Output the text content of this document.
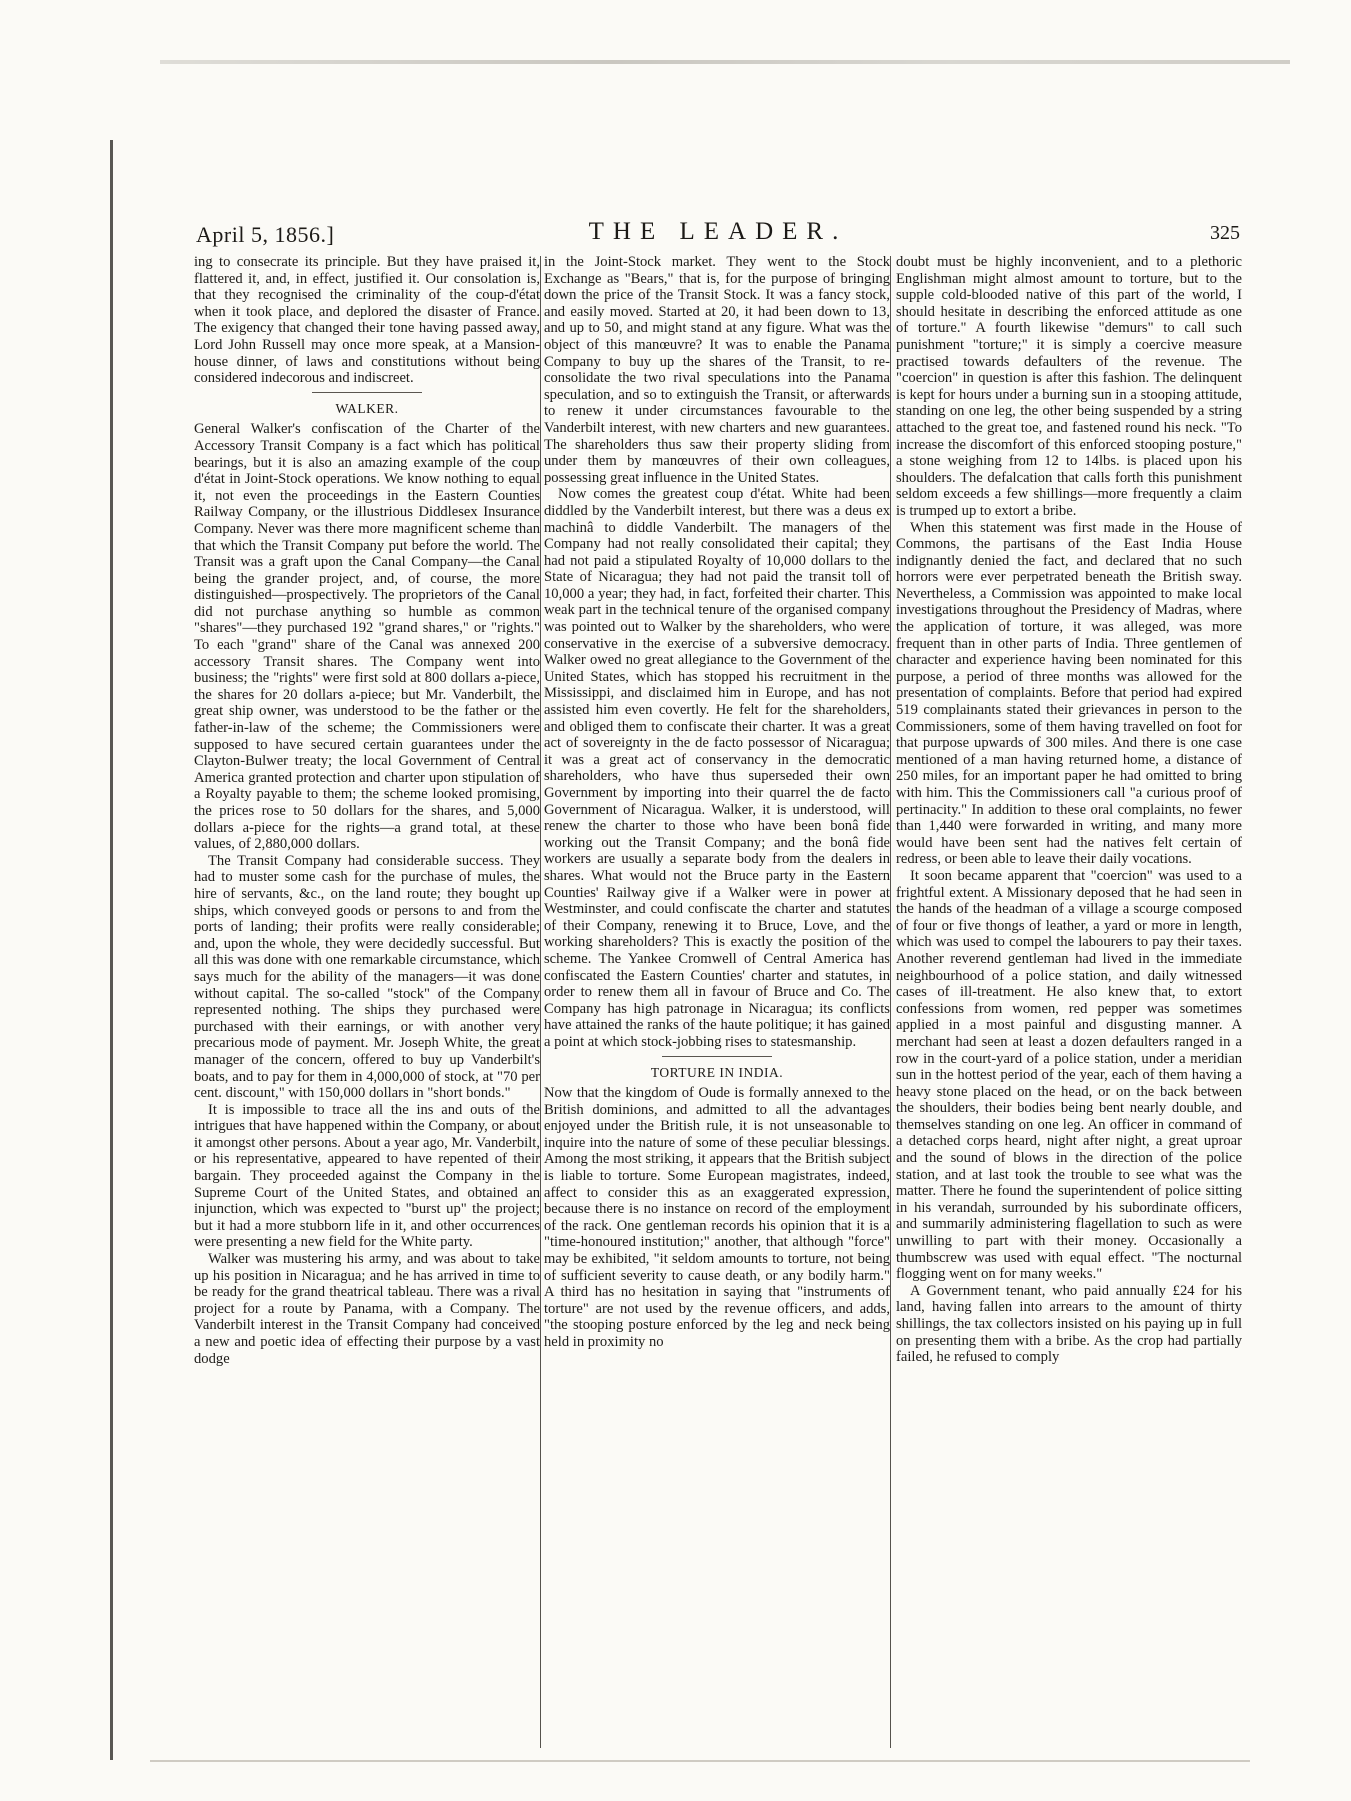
April 5, 1856.]	THE LEADER.	325

ing to consecrate its principle. But they have praised it, flattered it, and, in effect, justified it. Our consolation is, that they recognised the criminality of the coup-d'état when it took place, and deplored the disaster of France. The exigency that changed their tone having passed away, Lord John Russell may once more speak, at a Mansion-house dinner, of laws and constitutions without being considered indecorous and indiscreet.

WALKER.

General Walker's confiscation of the Charter of the Accessory Transit Company is a fact which has political bearings, but it is also an amazing example of the coup d'état in Joint-Stock operations. We know nothing to equal it, not even the proceedings in the Eastern Counties Railway Company, or the illustrious Diddlesex Insurance Company. Never was there more magnificent scheme than that which the Transit Company put before the world. The Transit was a graft upon the Canal Company—the Canal being the grander project, and, of course, the more distinguished—prospectively. The proprietors of the Canal did not purchase anything so humble as common "shares"—they purchased 192 "grand shares," or "rights." To each "grand" share of the Canal was annexed 200 accessory Transit shares. The Company went into business; the "rights" were first sold at 800 dollars a-piece, the shares for 20 dollars a-piece; but Mr. Vanderbilt, the great ship owner, was understood to be the father or the father-in-law of the scheme; the Commissioners were supposed to have secured certain guarantees under the Clayton-Bulwer treaty; the local Government of Central America granted protection and charter upon stipulation of a Royalty payable to them; the scheme looked promising, the prices rose to 50 dollars for the shares, and 5,000 dollars a-piece for the rights—a grand total, at these values, of 2,880,000 dollars.

The Transit Company had considerable success. They had to muster some cash for the purchase of mules, the hire of servants, &c., on the land route; they bought up ships, which conveyed goods or persons to and from the ports of landing; their profits were really considerable; and, upon the whole, they were decidedly successful. But all this was done with one remarkable circumstance, which says much for the ability of the managers—it was done without capital. The so-called "stock" of the Company represented nothing. The ships they purchased were purchased with their earnings, or with another very precarious mode of payment. Mr. Joseph White, the great manager of the concern, offered to buy up Vanderbilt's boats, and to pay for them in 4,000,000 of stock, at "70 per cent. discount," with 150,000 dollars in "short bonds."

It is impossible to trace all the ins and outs of the intrigues that have happened within the Company, or about it amongst other persons. About a year ago, Mr. Vanderbilt, or his representative, appeared to have repented of their bargain. They proceeded against the Company in the Supreme Court of the United States, and obtained an injunction, which was expected to "burst up" the project; but it had a more stubborn life in it, and other occurrences were presenting a new field for the White party.

Walker was mustering his army, and was about to take up his position in Nicaragua; and he has arrived in time to be ready for the grand theatrical tableau. There was a rival project for a route by Panama, with a Company. The Vanderbilt interest in the Transit Company had conceived a new and poetic idea of effecting their purpose by a vast dodge

in the Joint-Stock market. They went to the Stock Exchange as "Bears," that is, for the purpose of bringing down the price of the Transit Stock. It was a fancy stock, and easily moved. Started at 20, it had been down to 13, and up to 50, and might stand at any figure. What was the object of this manœuvre? It was to enable the Panama Company to buy up the shares of the Transit, to re-consolidate the two rival speculations into the Panama speculation, and so to extinguish the Transit, or afterwards to renew it under circumstances favourable to the Vanderbilt interest, with new charters and new guarantees. The shareholders thus saw their property sliding from under them by manœuvres of their own colleagues, possessing great influence in the United States.

Now comes the greatest coup d'état. White had been diddled by the Vanderbilt interest, but there was a deus ex machinâ to diddle Vanderbilt. The managers of the Company had not really consolidated their capital; they had not paid a stipulated Royalty of 10,000 dollars to the State of Nicaragua; they had not paid the transit toll of 10,000 a year; they had, in fact, forfeited their charter. This weak part in the technical tenure of the organised company was pointed out to Walker by the shareholders, who were conservative in the exercise of a subversive democracy. Walker owed no great allegiance to the Government of the United States, which has stopped his recruitment in the Mississippi, and disclaimed him in Europe, and has not assisted him even covertly. He felt for the shareholders, and obliged them to confiscate their charter. It was a great act of sovereignty in the de facto possessor of Nicaragua; it was a great act of conservancy in the democratic shareholders, who have thus superseded their own Government by importing into their quarrel the de facto Government of Nicaragua. Walker, it is understood, will renew the charter to those who have been bonâ fide working out the Transit Company; and the bonâ fide workers are usually a separate body from the dealers in shares. What would not the Bruce party in the Eastern Counties' Railway give if a Walker were in power at Westminster, and could confiscate the charter and statutes of their Company, renewing it to Bruce, Love, and the working shareholders? This is exactly the position of the scheme. The Yankee Cromwell of Central America has confiscated the Eastern Counties' charter and statutes, in order to renew them all in favour of Bruce and Co. The Company has high patronage in Nicaragua; its conflicts have attained the ranks of the haute politique; it has gained a point at which stock-jobbing rises to statesmanship.

TORTURE IN INDIA.

Now that the kingdom of Oude is formally annexed to the British dominions, and admitted to all the advantages enjoyed under the British rule, it is not unseasonable to inquire into the nature of some of these peculiar blessings. Among the most striking, it appears that the British subject is liable to torture. Some European magistrates, indeed, affect to consider this as an exaggerated expression, because there is no instance on record of the employment of the rack. One gentleman records his opinion that it is a "time-honoured institution;" another, that although "force" may be exhibited, "it seldom amounts to torture, not being of sufficient severity to cause death, or any bodily harm." A third has no hesitation in saying that "instruments of torture" are not used by the revenue officers, and adds, "the stooping posture enforced by the leg and neck being held in proximity no

doubt must be highly inconvenient, and to a plethoric Englishman might almost amount to torture, but to the supple cold-blooded native of this part of the world, I should hesitate in describing the enforced attitude as one of torture." A fourth likewise "demurs" to call such punishment "torture;" it is simply a coercive measure practised towards defaulters of the revenue. The "coercion" in question is after this fashion. The delinquent is kept for hours under a burning sun in a stooping attitude, standing on one leg, the other being suspended by a string attached to the great toe, and fastened round his neck. "To increase the discomfort of this enforced stooping posture," a stone weighing from 12 to 14lbs. is placed upon his shoulders. The defalcation that calls forth this punishment seldom exceeds a few shillings—more frequently a claim is trumped up to extort a bribe.

When this statement was first made in the House of Commons, the partisans of the East India House indignantly denied the fact, and declared that no such horrors were ever perpetrated beneath the British sway. Nevertheless, a Commission was appointed to make local investigations throughout the Presidency of Madras, where the application of torture, it was alleged, was more frequent than in other parts of India. Three gentlemen of character and experience having been nominated for this purpose, a period of three months was allowed for the presentation of complaints. Before that period had expired 519 complainants stated their grievances in person to the Commissioners, some of them having travelled on foot for that purpose upwards of 300 miles. And there is one case mentioned of a man having returned home, a distance of 250 miles, for an important paper he had omitted to bring with him. This the Commissioners call "a curious proof of pertinacity." In addition to these oral complaints, no fewer than 1,440 were forwarded in writing, and many more would have been sent had the natives felt certain of redress, or been able to leave their daily vocations.

It soon became apparent that "coercion" was used to a frightful extent. A Missionary deposed that he had seen in the hands of the headman of a village a scourge composed of four or five thongs of leather, a yard or more in length, which was used to compel the labourers to pay their taxes. Another reverend gentleman had lived in the immediate neighbourhood of a police station, and daily witnessed cases of ill-treatment. He also knew that, to extort confessions from women, red pepper was sometimes applied in a most painful and disgusting manner. A merchant had seen at least a dozen defaulters ranged in a row in the court-yard of a police station, under a meridian sun in the hottest period of the year, each of them having a heavy stone placed on the head, or on the back between the shoulders, their bodies being bent nearly double, and themselves standing on one leg. An officer in command of a detached corps heard, night after night, a great uproar and the sound of blows in the direction of the police station, and at last took the trouble to see what was the matter. There he found the superintendent of police sitting in his verandah, surrounded by his subordinate officers, and summarily administering flagellation to such as were unwilling to part with their money. Occasionally a thumbscrew was used with equal effect. "The nocturnal flogging went on for many weeks."

A Government tenant, who paid annually £24 for his land, having fallen into arrears to the amount of thirty shillings, the tax collectors insisted on his paying up in full on presenting them with a bribe. As the crop had partially failed, he refused to comply
